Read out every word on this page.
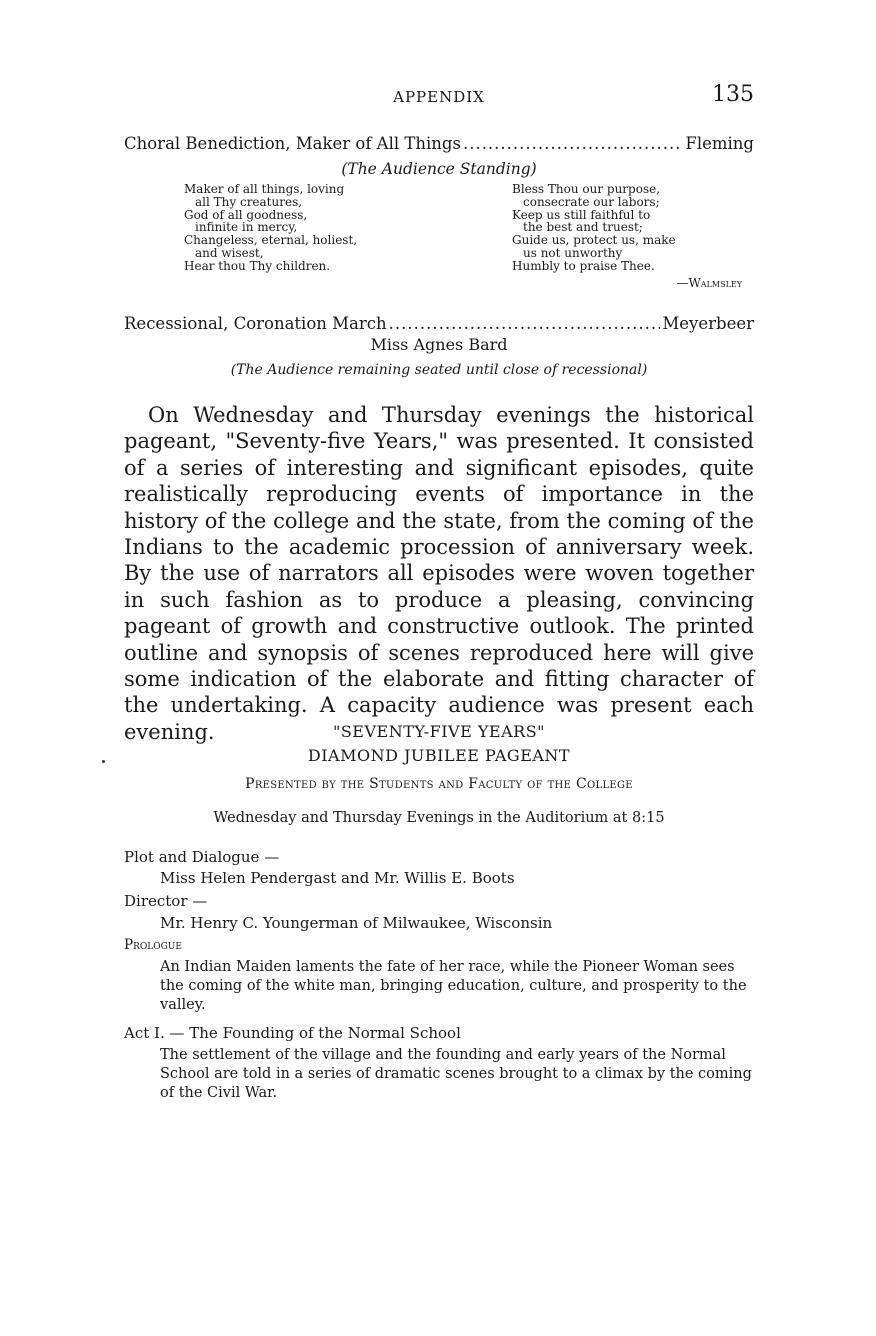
APPENDIX	135
Choral Benediction, Maker of All Things .....	Fleming
(The Audience Standing)
Maker of all things, loving
all Thy creatures,
God of all goodness,
infinite in mercy,
Changeless, eternal, holiest,
and wisest,
Hear thou Thy children.
Bless Thou our purpose,
consecrate our labors;
Keep us still faithful to
the best and truest;
Guide us, protect us, make
us not unworthy
Humbly to praise Thee.
—Walmsley
Recessional, Coronation March .....	Meyerbeer
Miss Agnes Bard
(The Audience remaining seated until close of recessional)

On Wednesday and Thursday evenings the historical pageant, "Seventy-five Years," was presented. It consisted of a series of interesting and significant episodes, quite realistically reproducing events of importance in the history of the college and the state, from the coming of the Indians to the academic procession of anniversary week. By the use of narrators all episodes were woven together in such fashion as to produce a pleasing, convincing pageant of growth and constructive outlook. The printed outline and synopsis of scenes reproduced here will give some indication of the elaborate and fitting character of the undertaking. A capacity audience was present each evening.	"SEVENTY-FIVE YEARS"
DIAMOND JUBILEE PAGEANT
Presented by the Students and Faculty of the College
Wednesday and Thursday Evenings in the Auditorium at 8:15
Plot and Dialogue —
Miss Helen Pendergast and Mr. Willis E. Boots
Director —
Mr. Henry C. Youngerman of Milwaukee, Wisconsin
Prologue

An Indian Maiden laments the fate of her race, while the Pioneer Woman sees the coming of the white man, bringing education, culture, and prosperity to the valley.

Act I. — The Founding of the Normal School

The settlement of the village and the founding and early years of the Normal School are told in a series of dramatic scenes brought to a climax by the coming of the Civil War.
